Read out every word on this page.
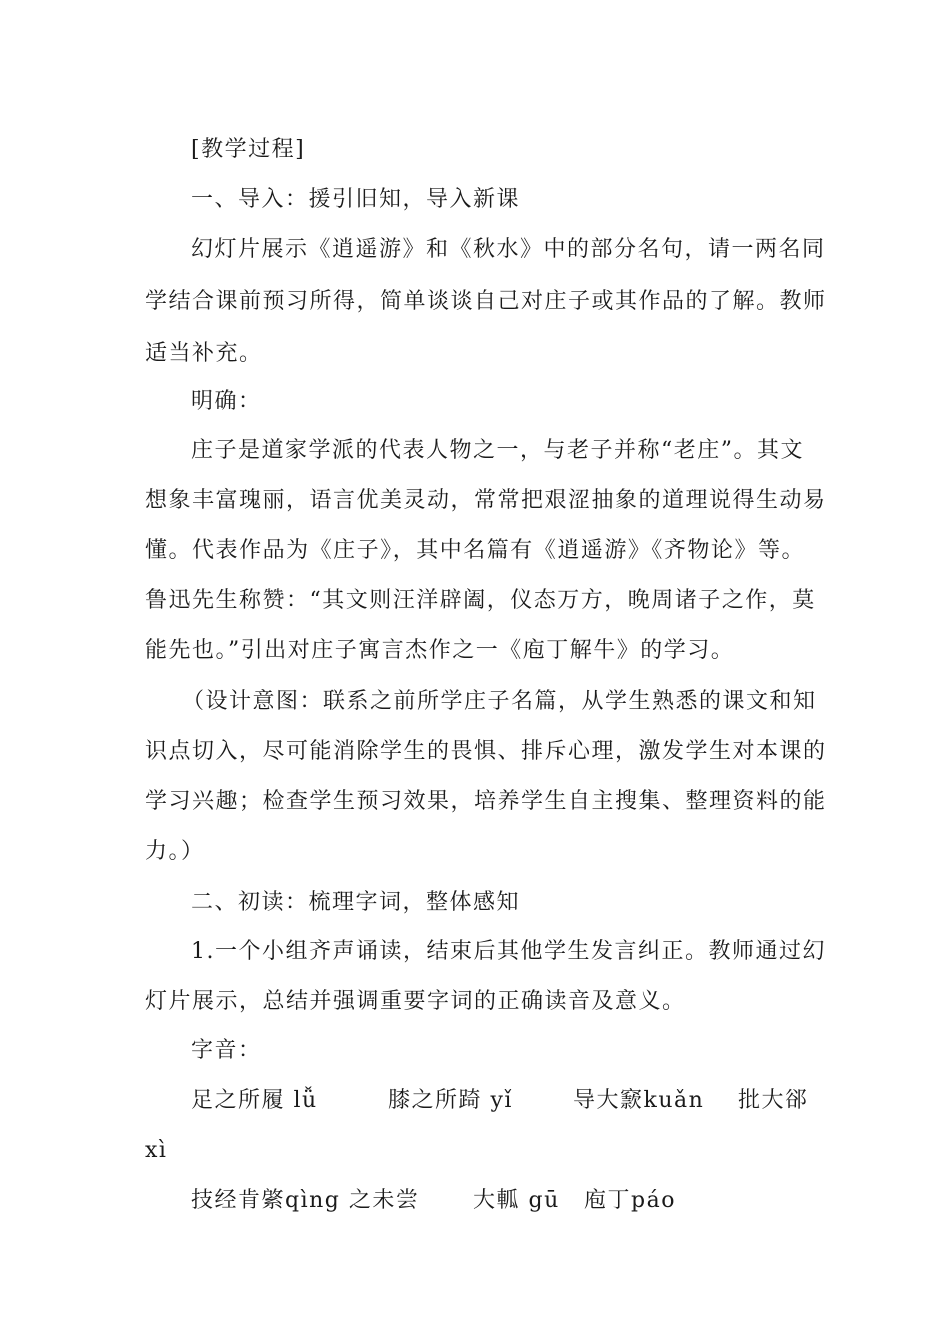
[教学过程]
一、导入：援引旧知，导入新课
幻灯片展示《逍遥游》和《秋水》中的部分名句，请一两名同
学结合课前预习所得，简单谈谈自己对庄子或其作品的了解。教师
适当补充。
明确：
庄子是道家学派的代表人物之一，与老子并称“老庄”。其文
想象丰富瑰丽，语言优美灵动，常常把艰涩抽象的道理说得生动易
懂。代表作品为《庄子》，其中名篇有《逍遥游》《齐物论》等。
鲁迅先生称赞：“其文则汪洋辟阖，仪态万方，晚周诸子之作，莫
能先也。”引出对庄子寓言杰作之一《庖丁解牛》的学习。
（设计意图：联系之前所学庄子名篇，从学生熟悉的课文和知
识点切入，尽可能消除学生的畏惧、排斥心理，激发学生对本课的
学习兴趣；检查学生预习效果，培养学生自主搜集、整理资料的能
力。）
二、初读：梳理字词，整体感知
1.一个小组齐声诵读，结束后其他学生发言纠正。教师通过幻
灯片展示，总结并强调重要字词的正确读音及意义。
字音：
足之所履 lǚ	膝之所踦 yǐ	导大窾kuǎn 批大郤
xì
技经肯綮qìng 之未尝 大軱 gū 庖丁páo
